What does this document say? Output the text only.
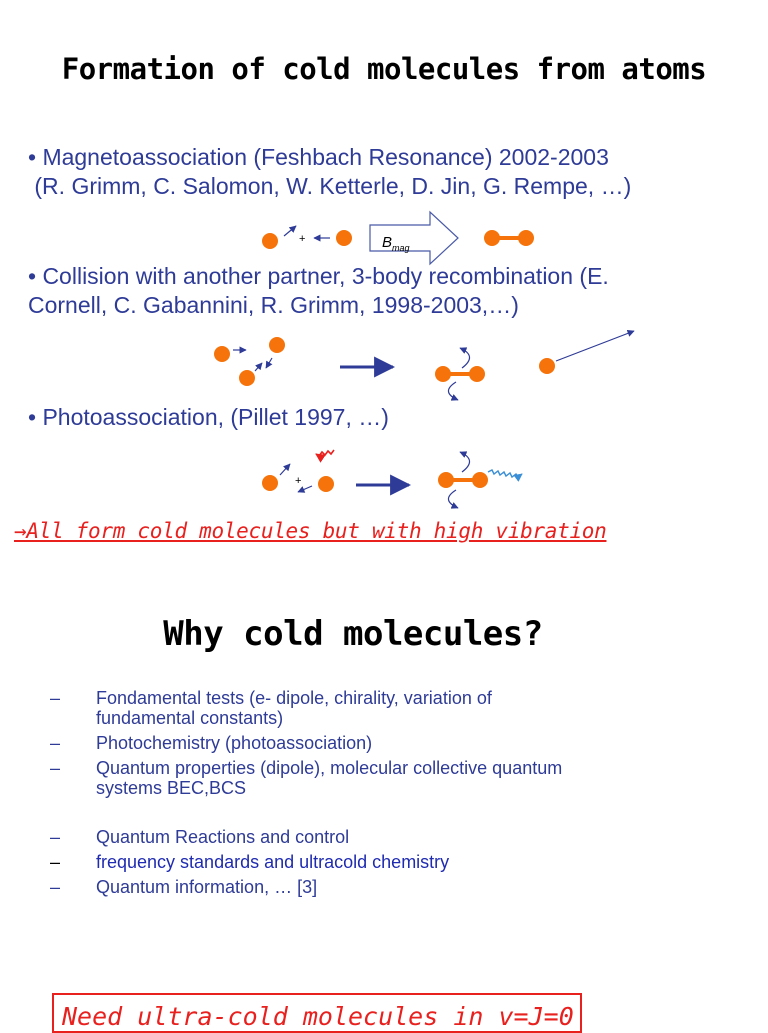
Formation of cold molecules from atoms
• Magnetoassociation (Feshbach Resonance) 2002-2003
(R. Grimm, C. Salomon, W. Ketterle, D. Jin, G. Rempe, …)
• Collision with another partner, 3-body recombination (E.
Cornell, C. Gabannini, R. Grimm, 1998-2003,…)
• Photoassociation, (Pillet 1997, …)
+	$B_{mag}$
+
→All form cold molecules but with high vibration
Why cold molecules?
– Fondamental tests (e- dipole, chirality, variation of
fundamental constants)
– Photochemistry (photoassociation)
– Quantum properties (dipole), molecular collective quantum
systems BEC,BCS
– Quantum Reactions and control
– frequency standards and ultracold chemistry
– Quantum information, … [3]
Need ultra-cold molecules in v=J=0
